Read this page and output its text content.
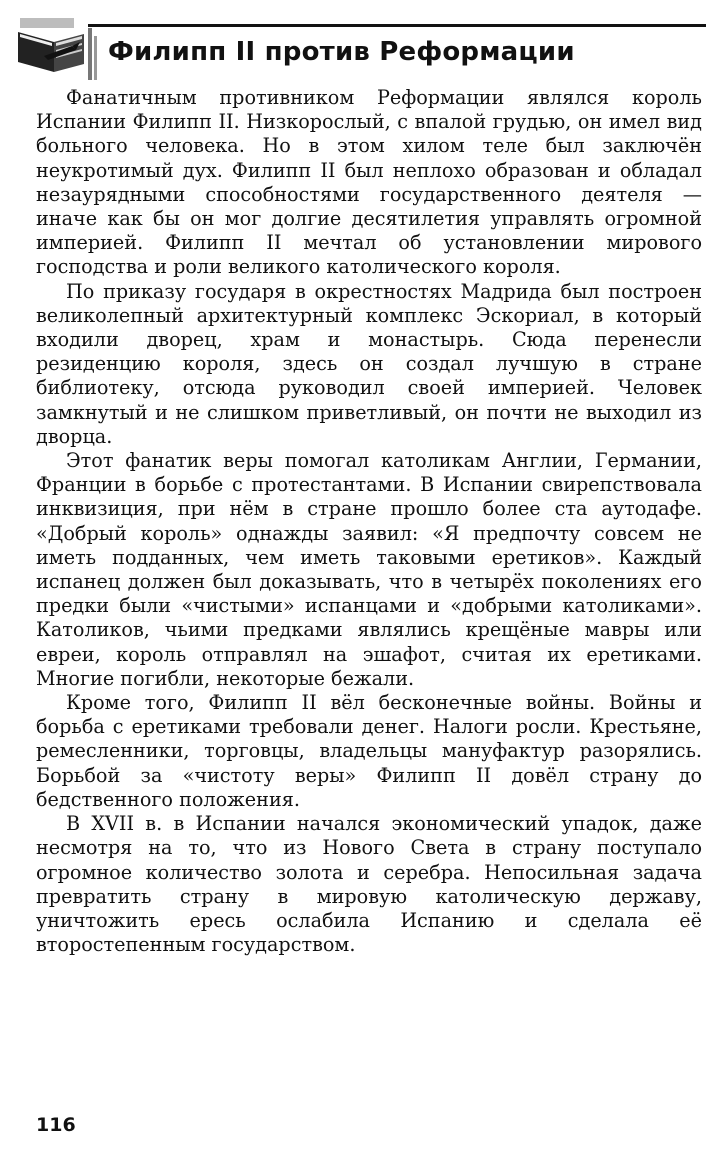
Филипп II против Реформации

Фанатичным противником Реформации являлся король Испании Филипп II. Низкорослый, с впалой грудью, он имел вид больного человека. Но в этом хилом теле был заключён неукротимый дух. Филипп II был неплохо образован и обладал незаурядными способностями государственного деятеля — иначе как бы он мог долгие десятилетия управлять огромной империей. Филипп II мечтал об установлении мирового господства и роли великого католического короля.

По приказу государя в окрестностях Мадрида был построен великолепный архитектурный комплекс Эскориал, в который входили дворец, храм и монастырь. Сюда перенесли резиденцию короля, здесь он создал лучшую в стране библиотеку, отсюда руководил своей империей. Человек замкнутый и не слишком приветливый, он почти не выходил из дворца.

Этот фанатик веры помогал католикам Англии, Германии, Франции в борьбе с протестантами. В Испании свирепствовала инквизиция, при нём в стране прошло более ста аутодафе. «Добрый король» однажды заявил: «Я предпочту совсем не иметь подданных, чем иметь таковыми еретиков». Каждый испанец должен был доказывать, что в четырёх поколениях его предки были «чистыми» испанцами и «добрыми католиками». Католиков, чьими предками являлись крещёные мавры или евреи, король отправлял на эшафот, считая их еретиками. Многие погибли, некоторые бежали.

Кроме того, Филипп II вёл бесконечные войны. Войны и борьба с еретиками требовали денег. Налоги росли. Крестьяне, ремесленники, торговцы, владельцы мануфактур разорялись. Борьбой за «чистоту веры» Филипп II довёл страну до бедственного положения.

В XVII в. в Испании начался экономический упадок, даже несмотря на то, что из Нового Света в страну поступало огромное количество золота и серебра. Непосильная задача превратить страну в мировую католическую державу, уничтожить ересь ослабила Испанию и сделала её второстепенным государством.

116
